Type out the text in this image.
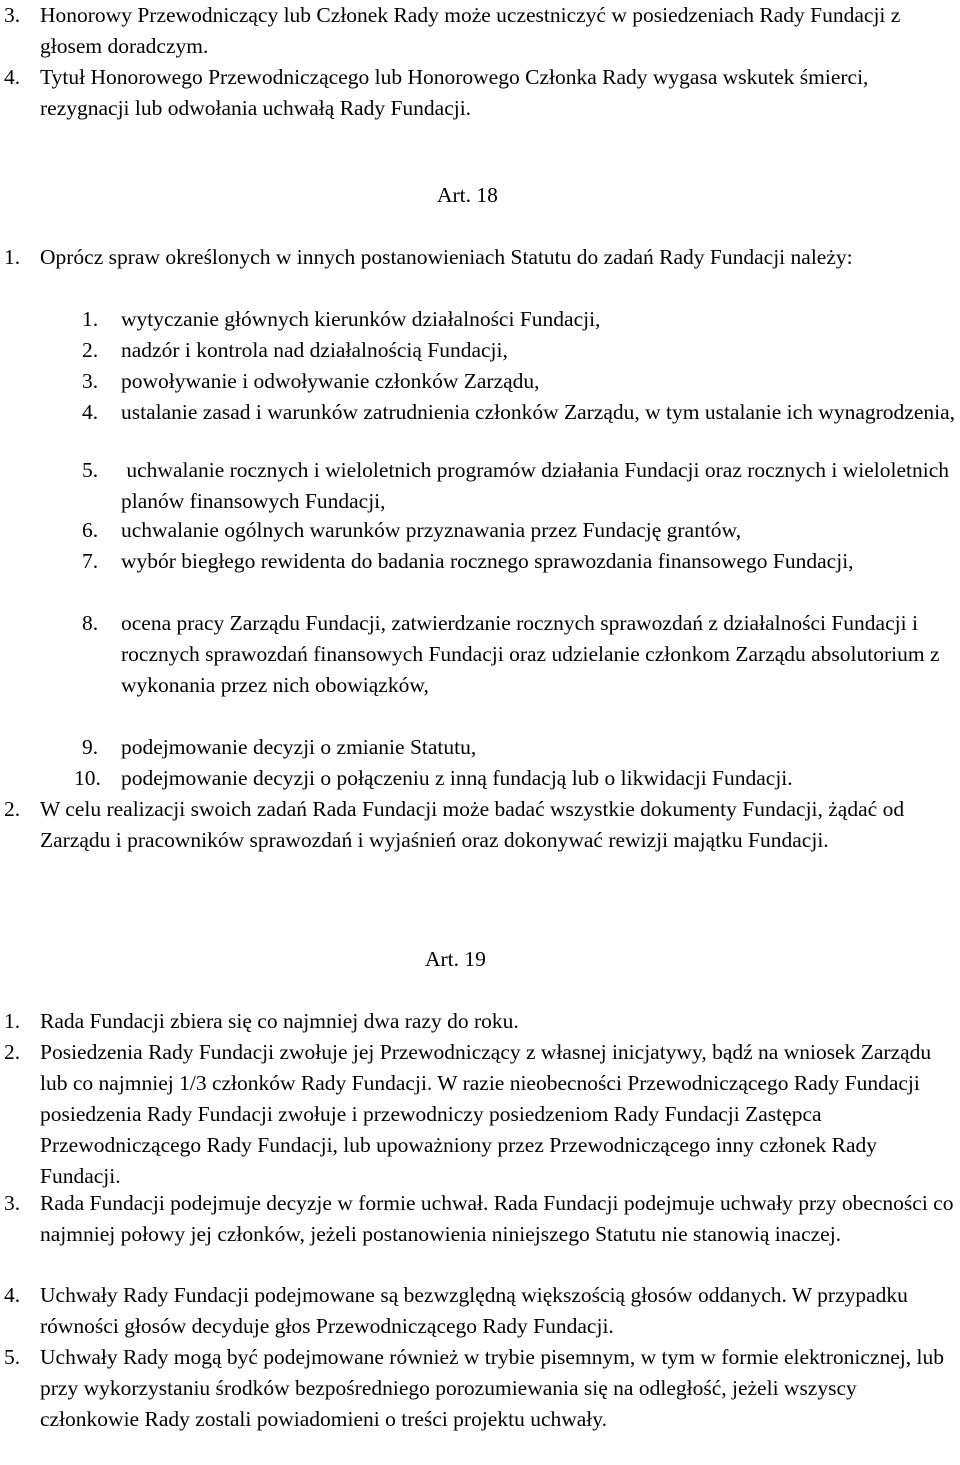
3. Honorowy Przewodniczący lub Członek Rady może uczestniczyć w posiedzeniach Rady Fundacji z głosem doradczym.
4. Tytuł Honorowego Przewodniczącego lub Honorowego Członka Rady wygasa wskutek śmierci, rezygnacji lub odwołania uchwałą Rady Fundacji.
Art. 18
1. Oprócz spraw określonych w innych postanowieniach Statutu do zadań Rady Fundacji należy:
1.	wytyczanie głównych kierunków działalności Fundacji,
2.	nadzór i kontrola nad działalnością Fundacji,
3.	powoływanie i odwoływanie członków Zarządu,
4.	ustalanie zasad i warunków zatrudnienia członków Zarządu, w tym ustalanie ich wynagrodzenia,
5.	uchwalanie rocznych i wieloletnich programów działania Fundacji oraz rocznych i wieloletnich planów finansowych Fundacji,
6.	uchwalanie ogólnych warunków przyznawania przez Fundację grantów,
7.	wybór biegłego rewidenta do badania rocznego sprawozdania finansowego Fundacji,
8.	ocena pracy Zarządu Fundacji, zatwierdzanie rocznych sprawozdań z działalności Fundacji i rocznych sprawozdań finansowych Fundacji oraz udzielanie członkom Zarządu absolutorium z wykonania przez nich obowiązków,
9.	podejmowanie decyzji o zmianie Statutu,
10. podejmowanie decyzji o połączeniu z inną fundacją lub o likwidacji Fundacji.
2. W celu realizacji swoich zadań Rada Fundacji może badać wszystkie dokumenty Fundacji, żądać od Zarządu i pracowników sprawozdań i wyjaśnień oraz dokonywać rewizji majątku Fundacji.
Art. 19
1. Rada Fundacji zbiera się co najmniej dwa razy do roku.
2. Posiedzenia Rady Fundacji zwołuje jej Przewodniczący z własnej inicjatywy, bądź na wniosek Zarządu lub co najmniej 1/3 członków Rady Fundacji. W razie nieobecności Przewodniczącego Rady Fundacji posiedzenia Rady Fundacji zwołuje i przewodniczy posiedzeniom Rady Fundacji Zastępca Przewodniczącego Rady Fundacji, lub upoważniony przez Przewodniczącego inny członek Rady Fundacji.
3. Rada Fundacji podejmuje decyzje w formie uchwał. Rada Fundacji podejmuje uchwały przy obecności co najmniej połowy jej członków, jeżeli postanowienia niniejszego Statutu nie stanowią inaczej.
4. Uchwały Rady Fundacji podejmowane są bezwzględną większością głosów oddanych. W przypadku równości głosów decyduje głos Przewodniczącego Rady Fundacji.
5. Uchwały Rady mogą być podejmowane również w trybie pisemnym, w tym w formie elektronicznej, lub przy wykorzystaniu środków bezpośredniego porozumiewania się na odległość, jeżeli wszyscy członkowie Rady zostali powiadomieni o treści projektu uchwały.
